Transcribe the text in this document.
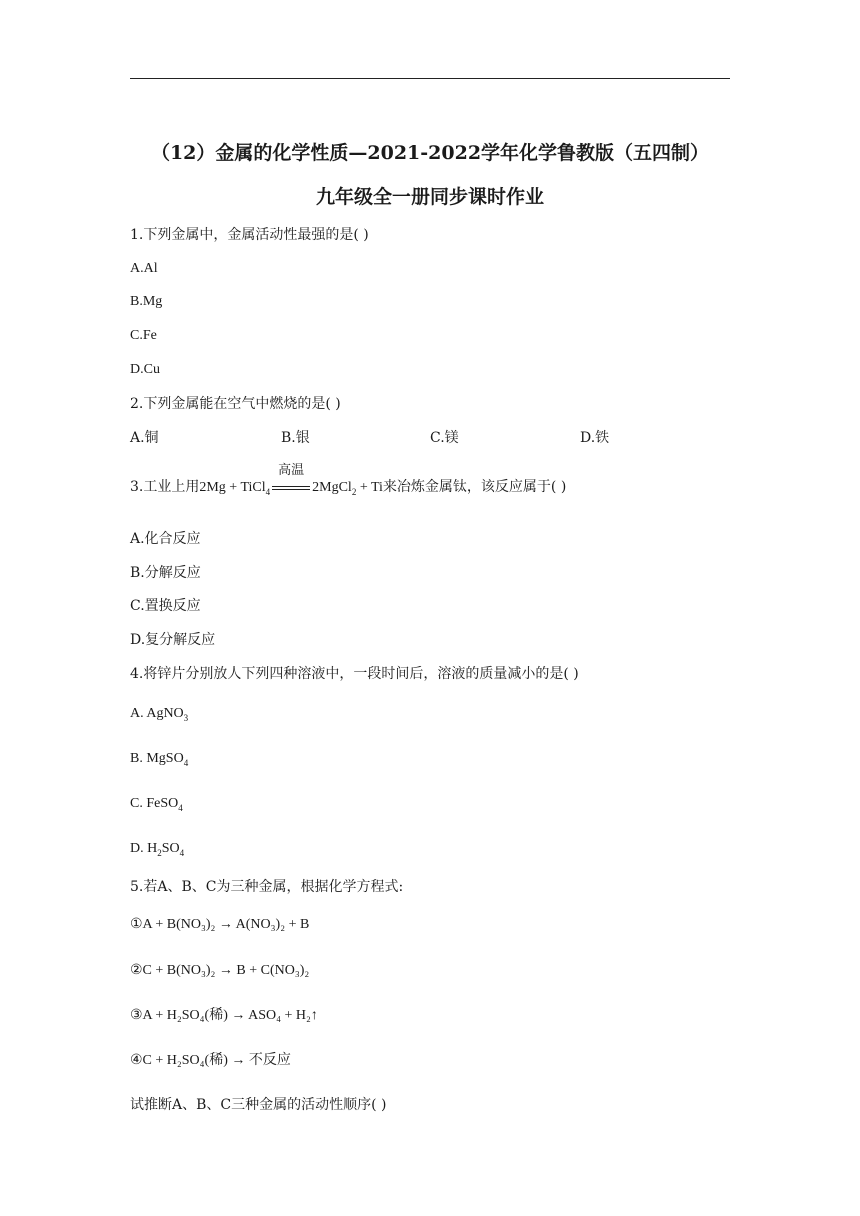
（12）金属的化学性质—2021-2022学年化学鲁教版（五四制）
九年级全一册同步课时作业
1.下列金属中，金属活动性最强的是( )
A.Al
B.Mg
C.Fe
D.Cu
2.下列金属能在空气中燃烧的是( )
A.铜	B.银	C.镁	D.铁
3.工业上用2Mg + TiCl$_4$
高温
2MgCl$_2$ + Ti来冶炼金属钛，该反应属于( )
A.化合反应
B.分解反应
C.置换反应
D.复分解反应
4.将锌片分别放人下列四种溶液中，一段时间后，溶液的质量减小的是( )
A. AgNO$_3$
B. MgSO$_4$
C. FeSO$_4$
D. $H_2SO_4$
5.若A、B、C为三种金属，根据化学方程式:
①A + B(NO₃)₂ → A(NO₃)₂ + B
②C + B(NO₃)₂ → B + C(NO₃)₂
③A + H₂SO₄(稀) → ASO₄ + H₂↑
④C + H₂SO₄(稀) → 不反应
试推断A、B、C三种金属的活动性顺序( )
